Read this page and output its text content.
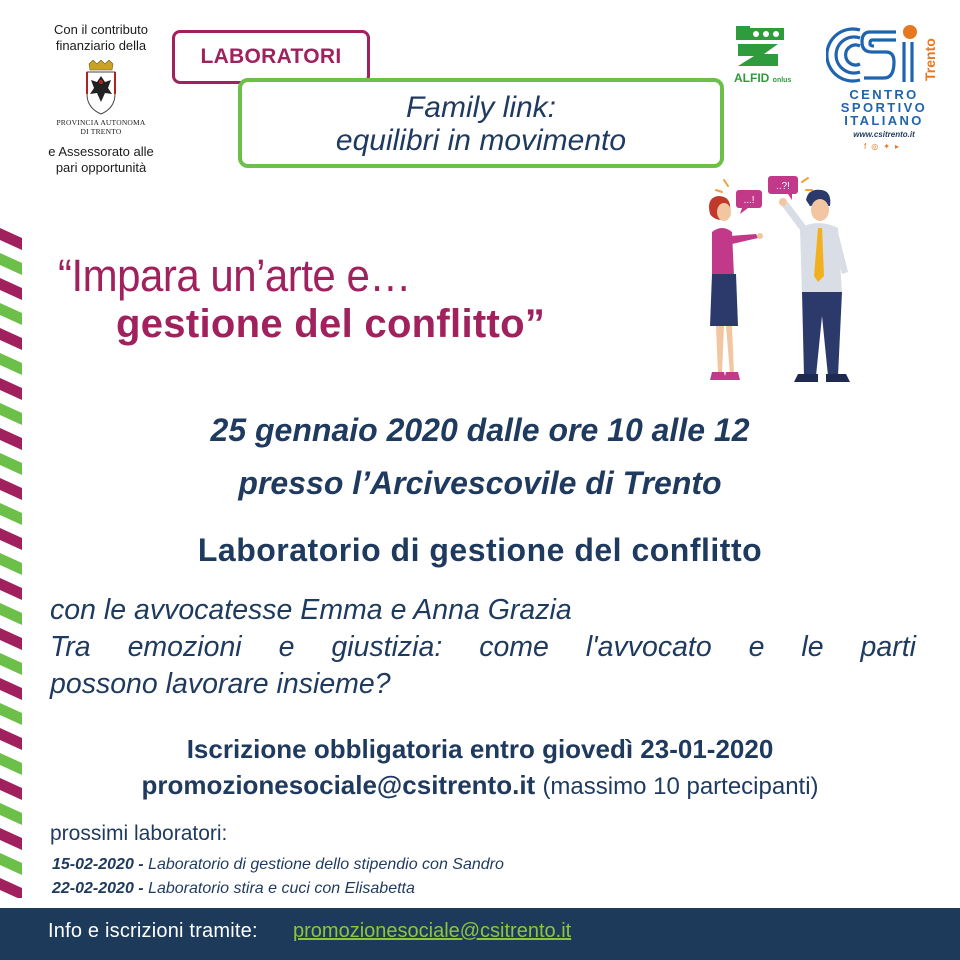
Con il contributo
finanziario della
PROVINCIA AUTONOMA
DI TRENTO
e Assessorato alle
pari opportunità
LABORATORI
Family link:
equilibri in movimento
ALFID onlus	Trento
CENTRO
SPORTIVO
ITALIANO
www.csitrento.it
f◎✦▸
“Impara un’arte e…
gestione del conflitto”
...!
..?!
25 gennaio 2020 dalle ore 10 alle 12
presso l’Arcivescovile di Trento
Laboratorio di gestione del conflitto
con le avvocatesse Emma e Anna Grazia
Tra emozioni e giustizia: come l'avvocato e le parti
possono lavorare insieme?
Iscrizione obbligatoria entro giovedì 23-01-2020
promozionesociale@csitrento.it (massimo 10 partecipanti)
prossimi laboratori:
15-02-2020 - Laboratorio di gestione dello stipendio con Sandro
22-02-2020 - Laboratorio stira e cuci con Elisabetta
Info e iscrizioni tramite: promozionesociale@csitrento.it
